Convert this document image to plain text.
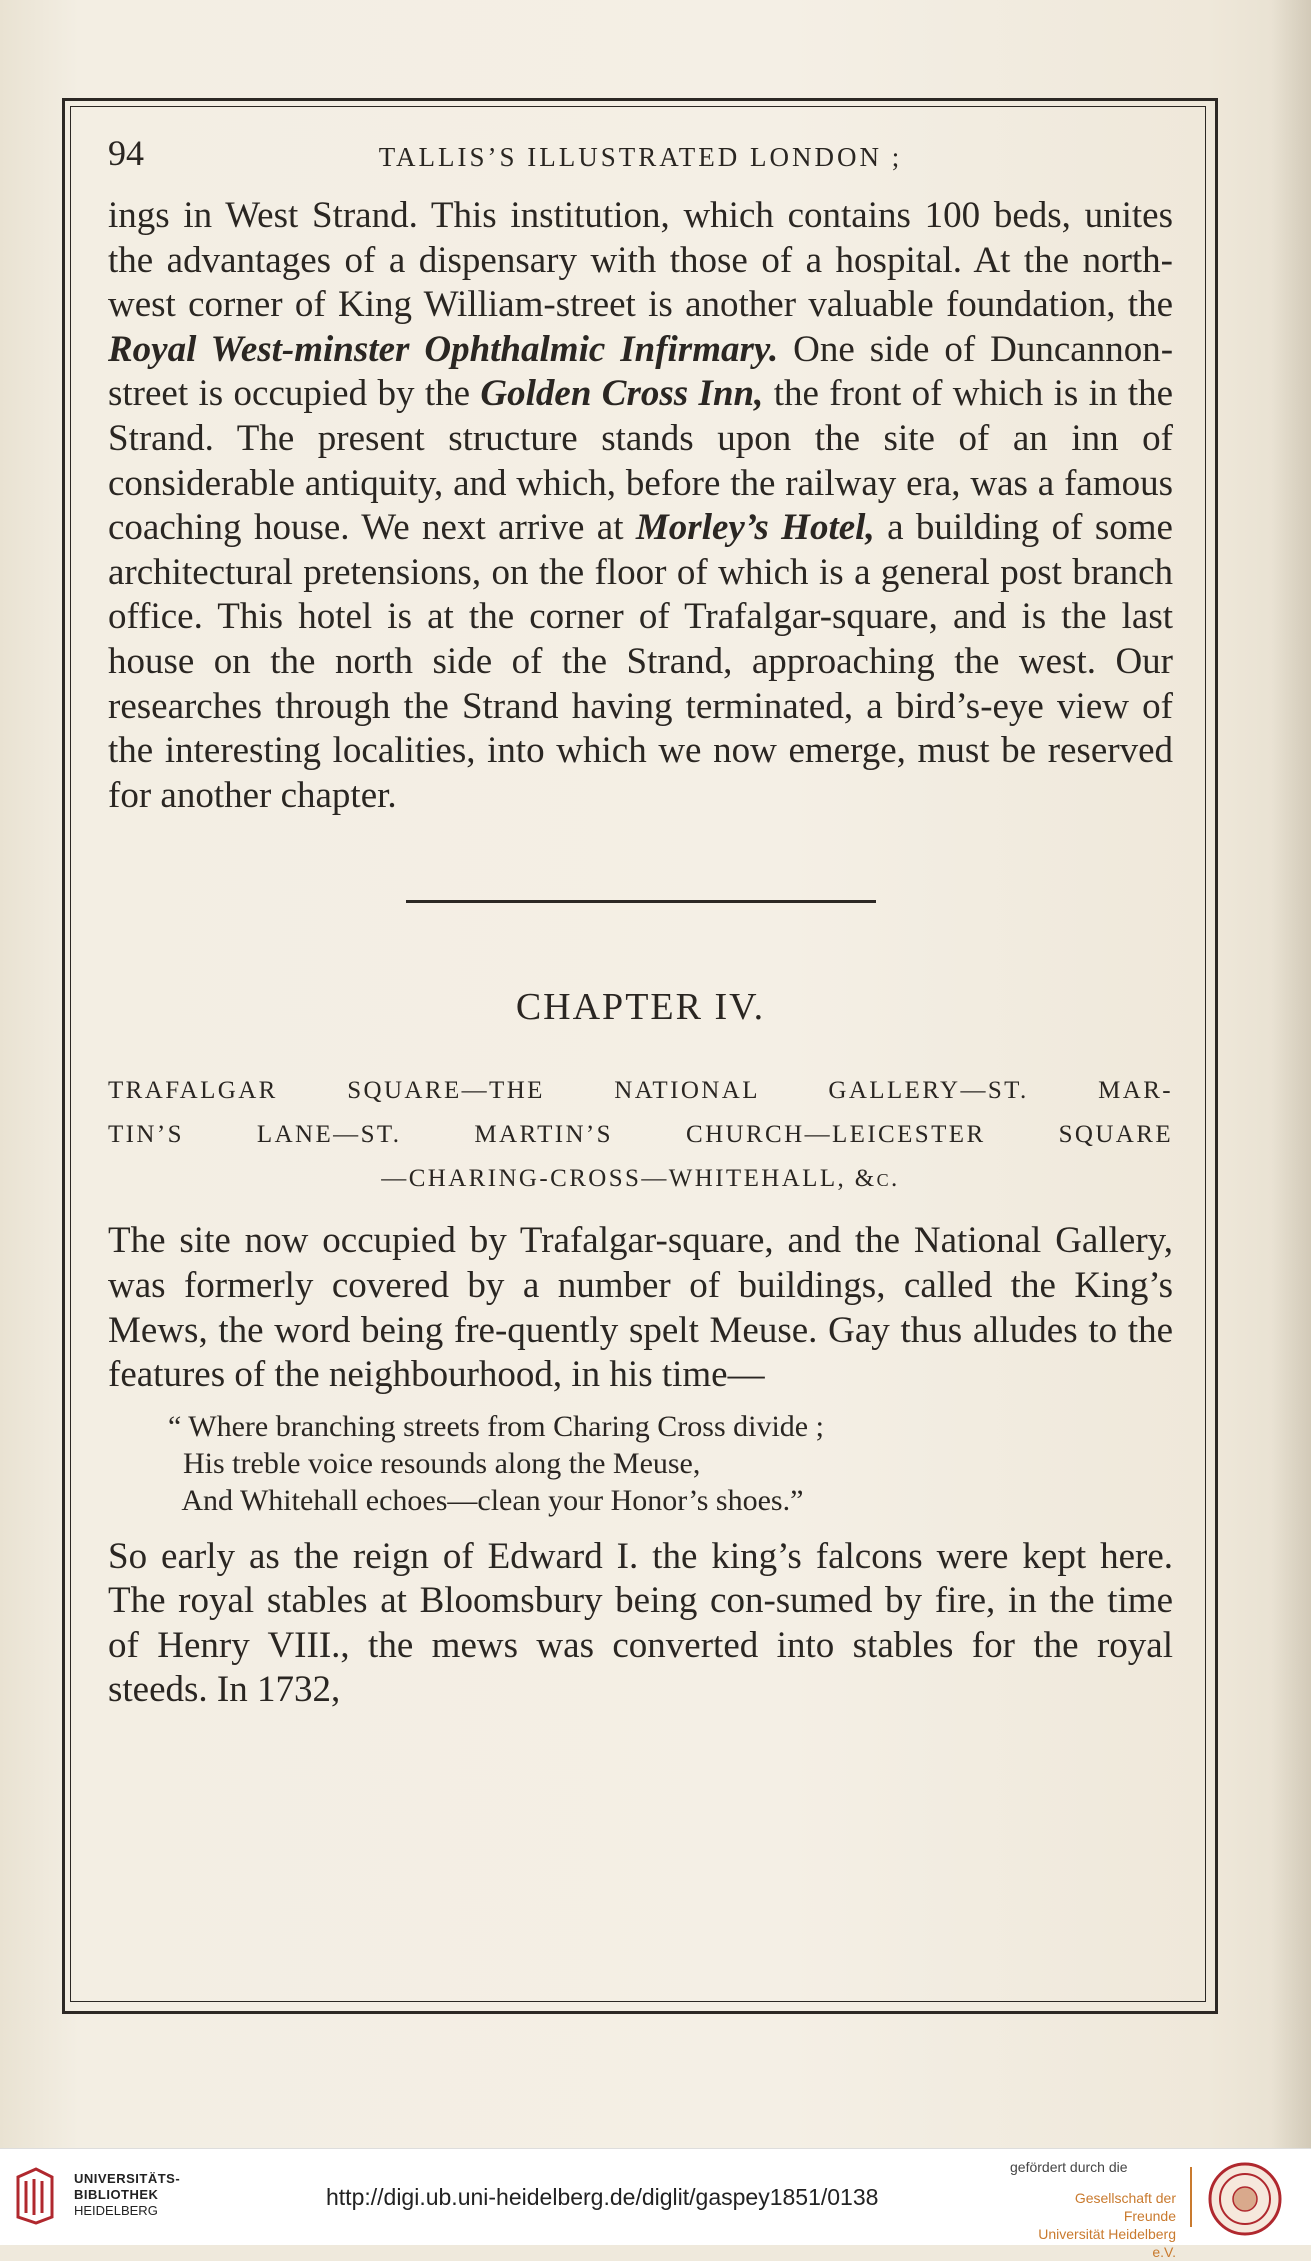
94	TALLIS’S ILLUSTRATED LONDON ;

ings in West Strand. This institution, which contains 100 beds, unites the advantages of a dispensary with those of a hospital. At the north-west corner of King William-street is another valuable foundation, the Royal West-minster Ophthalmic Infirmary. One side of Duncannon-street is occupied by the Golden Cross Inn, the front of which is in the Strand. The present structure stands upon the site of an inn of considerable antiquity, and which, before the railway era, was a famous coaching house. We next arrive at Morley’s Hotel, a building of some architectural pretensions, on the floor of which is a general post branch office. This hotel is at the corner of Trafalgar-square, and is the last house on the north side of the Strand, approaching the west. Our researches through the Strand having terminated, a bird’s-eye view of the interesting localities, into which we now emerge, must be reserved for another chapter.

CHAPTER IV.
TRAFALGAR SQUARE—THE NATIONAL GALLERY—ST. MAR-
TIN’S LANE—ST. MARTIN’S CHURCH—LEICESTER SQUARE
—CHARING-CROSS—WHITEHALL, &c.

The site now occupied by Trafalgar-square, and the National Gallery, was formerly covered by a number of buildings, called the King’s Mews, the word being fre-quently spelt Meuse. Gay thus alludes to the features of the neighbourhood, in his time—

“ Where branching streets from Charing Cross divide ;
His treble voice resounds along the Meuse,
And Whitehall echoes—clean your Honor’s shoes.”

So early as the reign of Edward I. the king’s falcons were kept here. The royal stables at Bloomsbury being con-sumed by fire, in the time of Henry VIII., the mews was converted into stables for the royal steeds. In 1732,

UNIVERSITÄTS-
BIBLIOTHEK
HEIDELBERG
http://digi.ub.uni-heidelberg.de/diglit/gaspey1851/0138
gefördert durch die
Gesellschaft der Freunde
Universität Heidelberg e.V.
